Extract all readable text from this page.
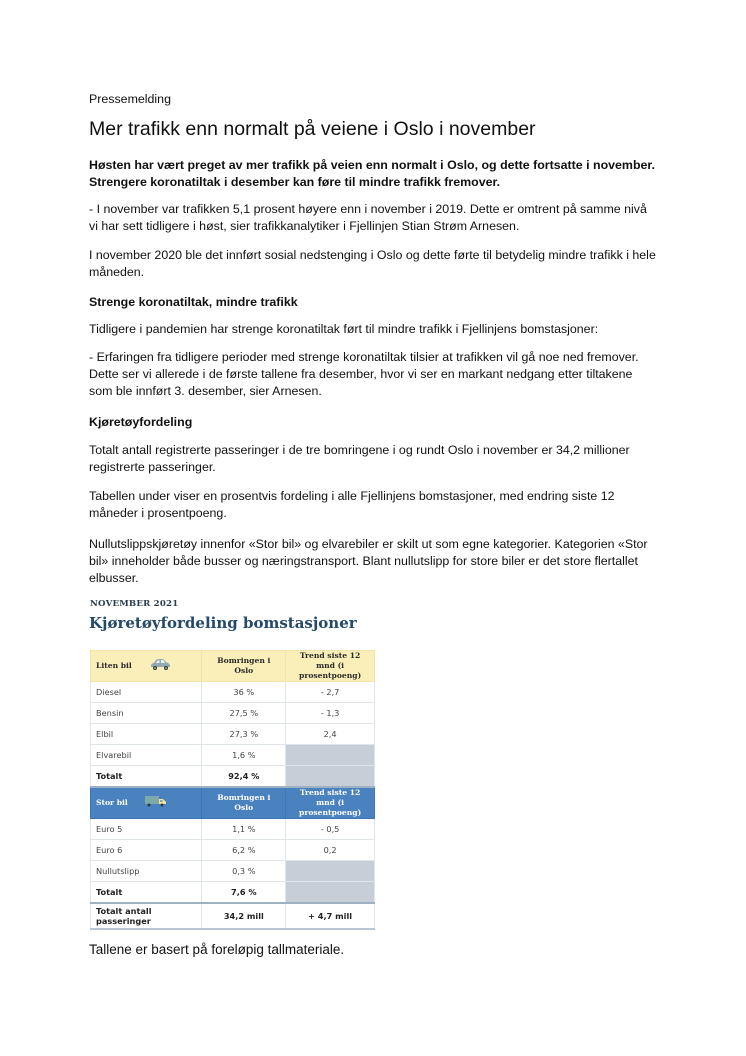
Pressemelding
Mer trafikk enn normalt på veiene i Oslo i november

Høsten har vært preget av mer trafikk på veien enn normalt i Oslo, og dette fortsatte i november. Strengere koronatiltak i desember kan føre til mindre trafikk fremover.

- I november var trafikken 5,1 prosent høyere enn i november i 2019. Dette er omtrent på samme nivå vi har sett tidligere i høst, sier trafikkanalytiker i Fjellinjen Stian Strøm Arnesen.

I november 2020 ble det innført sosial nedstenging i Oslo og dette førte til betydelig mindre trafikk i hele måneden.

Strenge koronatiltak, mindre trafikk

Tidligere i pandemien har strenge koronatiltak ført til mindre trafikk i Fjellinjens bomstasjoner:

- Erfaringen fra tidligere perioder med strenge koronatiltak tilsier at trafikken vil gå noe ned fremover. Dette ser vi allerede i de første tallene fra desember, hvor vi ser en markant nedgang etter tiltakene som ble innført 3. desember, sier Arnesen.

Kjøretøyfordeling

Totalt antall registrerte passeringer i de tre bomringene i og rundt Oslo i november er 34,2 millioner registrerte passeringer.

Tabellen under viser en prosentvis fordeling i alle Fjellinjens bomstasjoner, med endring siste 12 måneder i prosentpoeng.

Nullutslippskjøretøy innenfor «Stor bil» og elvarebiler er skilt ut som egne kategorier. Kategorien «Stor bil» inneholder både busser og næringstransport. Blant nullutslipp for store biler er det store flertallet elbusser.

NOVEMBER 2021
Kjøretøyfordeling bomstasjoner
Liten bil	Bomringen i Oslo	Trend siste 12 mnd (i prosentpoeng)
Diesel	36 %	- 2,7
Bensin	27,5 %	- 1,3
Elbil	27,3 %	2,4
Elvarebil	1,6 %	
Totalt	92,4 %	
Stor bil	Bomringen i Oslo	Trend siste 12 mnd (i prosentpoeng)
Euro 5	1,1 %	- 0,5
Euro 6	6,2 %	0,2
Nullutslipp	0,3 %	
Totalt	7,6 %	
Totalt antall passeringer	34,2 mill	+ 4,7 mill

Tallene er basert på foreløpig tallmateriale.
